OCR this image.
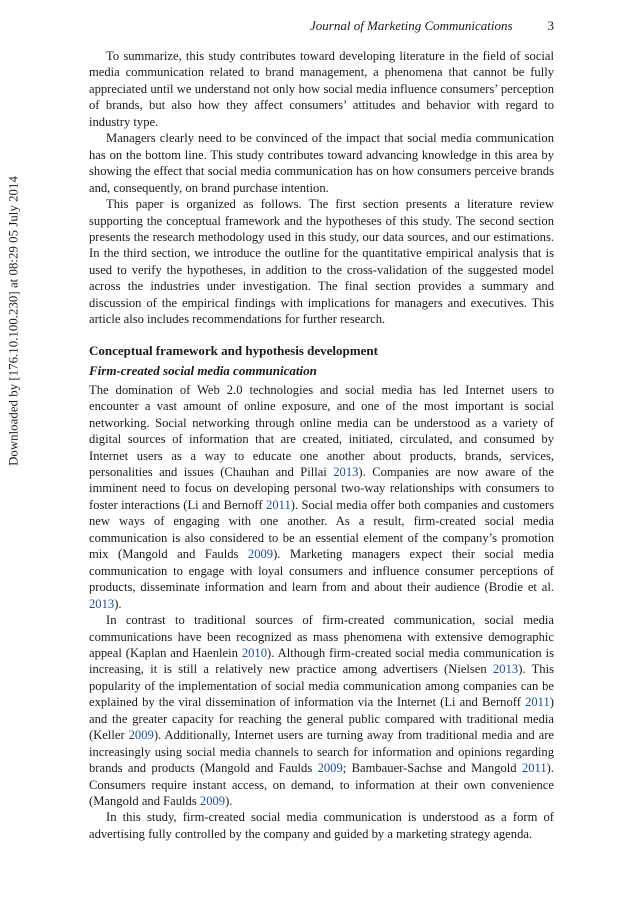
Journal of Marketing Communications	3
Downloaded by [176.10.100.230] at 08:29 05 July 2014

To summarize, this study contributes toward developing literature in the field of social media communication related to brand management, a phenomena that cannot be fully appreciated until we understand not only how social media influence consumers’ perception of brands, but also how they affect consumers’ attitudes and behavior with regard to industry type.

Managers clearly need to be convinced of the impact that social media communication has on the bottom line. This study contributes toward advancing knowledge in this area by showing the effect that social media communication has on how consumers perceive brands and, consequently, on brand purchase intention.

This paper is organized as follows. The first section presents a literature review supporting the conceptual framework and the hypotheses of this study. The second section presents the research methodology used in this study, our data sources, and our estimations. In the third section, we introduce the outline for the quantitative empirical analysis that is used to verify the hypotheses, in addition to the cross-validation of the suggested model across the industries under investigation. The final section provides a summary and discussion of the empirical findings with implications for managers and executives. This article also includes recommendations for further research.

Conceptual framework and hypothesis development
Firm-created social media communication

The domination of Web 2.0 technologies and social media has led Internet users to encounter a vast amount of online exposure, and one of the most important is social networking. Social networking through online media can be understood as a variety of digital sources of information that are created, initiated, circulated, and consumed by Internet users as a way to educate one another about products, brands, services, personalities and issues (Chauhan and Pillai 2013). Companies are now aware of the imminent need to focus on developing personal two-way relationships with consumers to foster interactions (Li and Bernoff 2011). Social media offer both companies and customers new ways of engaging with one another. As a result, firm-created social media communication is also considered to be an essential element of the company’s promotion mix (Mangold and Faulds 2009). Marketing managers expect their social media communication to engage with loyal consumers and influence consumer perceptions of products, disseminate information and learn from and about their audience (Brodie et al. 2013).

In contrast to traditional sources of firm-created communication, social media communications have been recognized as mass phenomena with extensive demographic appeal (Kaplan and Haenlein 2010). Although firm-created social media communication is increasing, it is still a relatively new practice among advertisers (Nielsen 2013). This popularity of the implementation of social media communication among companies can be explained by the viral dissemination of information via the Internet (Li and Bernoff 2011) and the greater capacity for reaching the general public compared with traditional media (Keller 2009). Additionally, Internet users are turning away from traditional media and are increasingly using social media channels to search for information and opinions regarding brands and products (Mangold and Faulds 2009; Bambauer-Sachse and Mangold 2011). Consumers require instant access, on demand, to information at their own convenience (Mangold and Faulds 2009).

In this study, firm-created social media communication is understood as a form of advertising fully controlled by the company and guided by a marketing strategy agenda.
